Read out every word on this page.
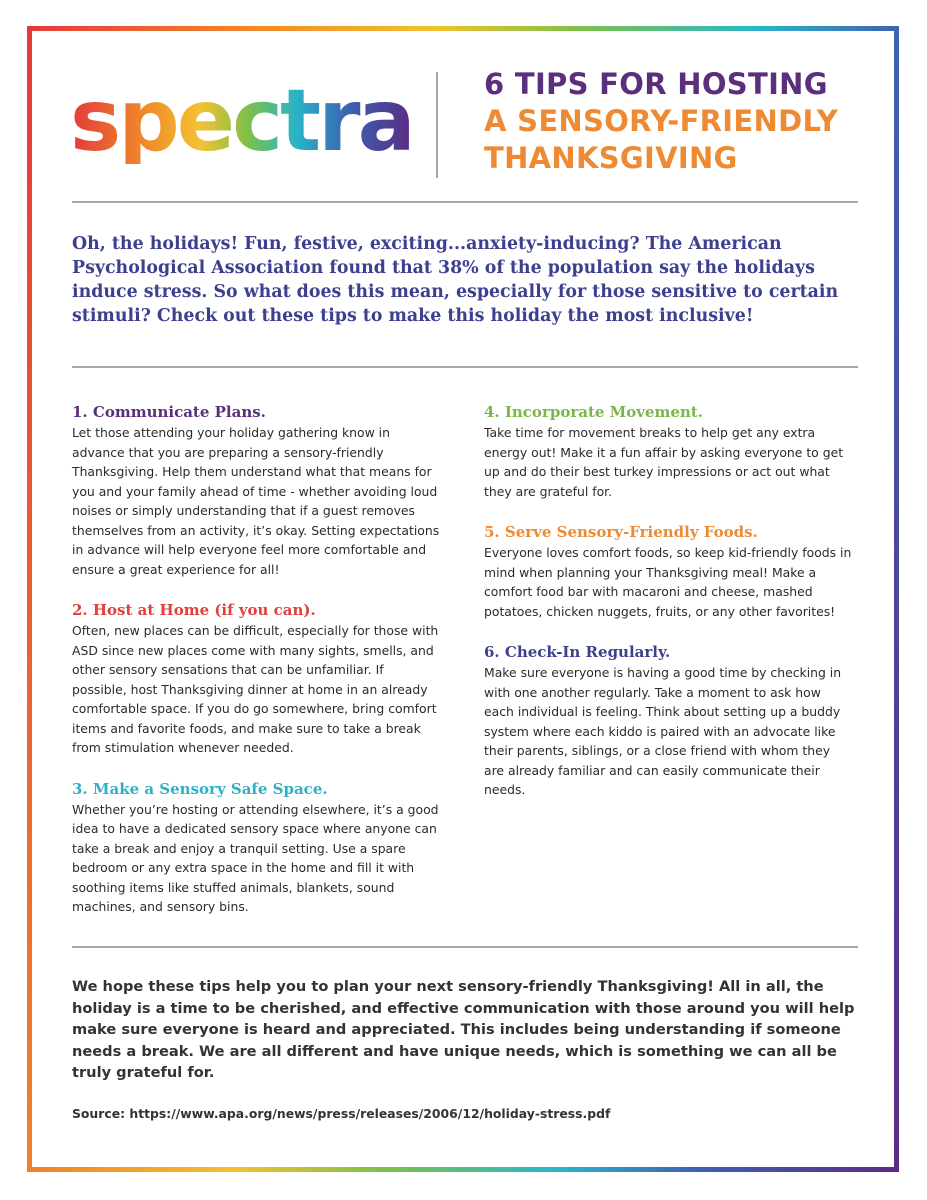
spectra 6 TIPS FOR HOSTING
A SENSORY-FRIENDLY
THANKSGIVING
Oh, the holidays! Fun, festive, exciting...anxiety-inducing? The American Psychological Association found that 38% of the population say the holidays induce stress. So what does this mean, especially for those sensitive to certain stimuli? Check out these tips to make this holiday the most inclusive!
1. Communicate Plans.
Let those attending your holiday gathering know in advance that you are preparing a sensory-friendly Thanksgiving. Help them understand what that means for you and your family ahead of time - whether avoiding loud noises or simply understanding that if a guest removes themselves from an activity, it’s okay. Setting expectations in advance will help everyone feel more comfortable and ensure a great experience for all!
2. Host at Home (if you can).
Often, new places can be difficult, especially for those with ASD since new places come with many sights, smells, and other sensory sensations that can be unfamiliar. If possible, host Thanksgiving dinner at home in an already comfortable space. If you do go somewhere, bring comfort items and favorite foods, and make sure to take a break from stimulation whenever needed.
3. Make a Sensory Safe Space.
Whether you’re hosting or attending elsewhere, it’s a good idea to have a dedicated sensory space where anyone can take a break and enjoy a tranquil setting. Use a spare bedroom or any extra space in the home and fill it with soothing items like stuffed animals, blankets, sound machines, and sensory bins.
4. Incorporate Movement.
Take time for movement breaks to help get any extra energy out! Make it a fun affair by asking everyone to get up and do their best turkey impressions or act out what they are grateful for.
5. Serve Sensory-Friendly Foods.
Everyone loves comfort foods, so keep kid-friendly foods in mind when planning your Thanksgiving meal! Make a comfort food bar with macaroni and cheese, mashed potatoes, chicken nuggets, fruits, or any other favorites!
6. Check-In Regularly.
Make sure everyone is having a good time by checking in with one another regularly. Take a moment to ask how each individual is feeling. Think about setting up a buddy system where each kiddo is paired with an advocate like their parents, siblings, or a close friend with whom they are already familiar and can easily communicate their needs.
We hope these tips help you to plan your next sensory-friendly Thanksgiving! All in all, the holiday is a time to be cherished, and effective communication with those around you will help make sure everyone is heard and appreciated. This includes being understanding if someone needs a break. We are all different and have unique needs, which is something we can all be truly grateful for.
Source: https://www.apa.org/news/press/releases/2006/12/holiday-stress.pdf
